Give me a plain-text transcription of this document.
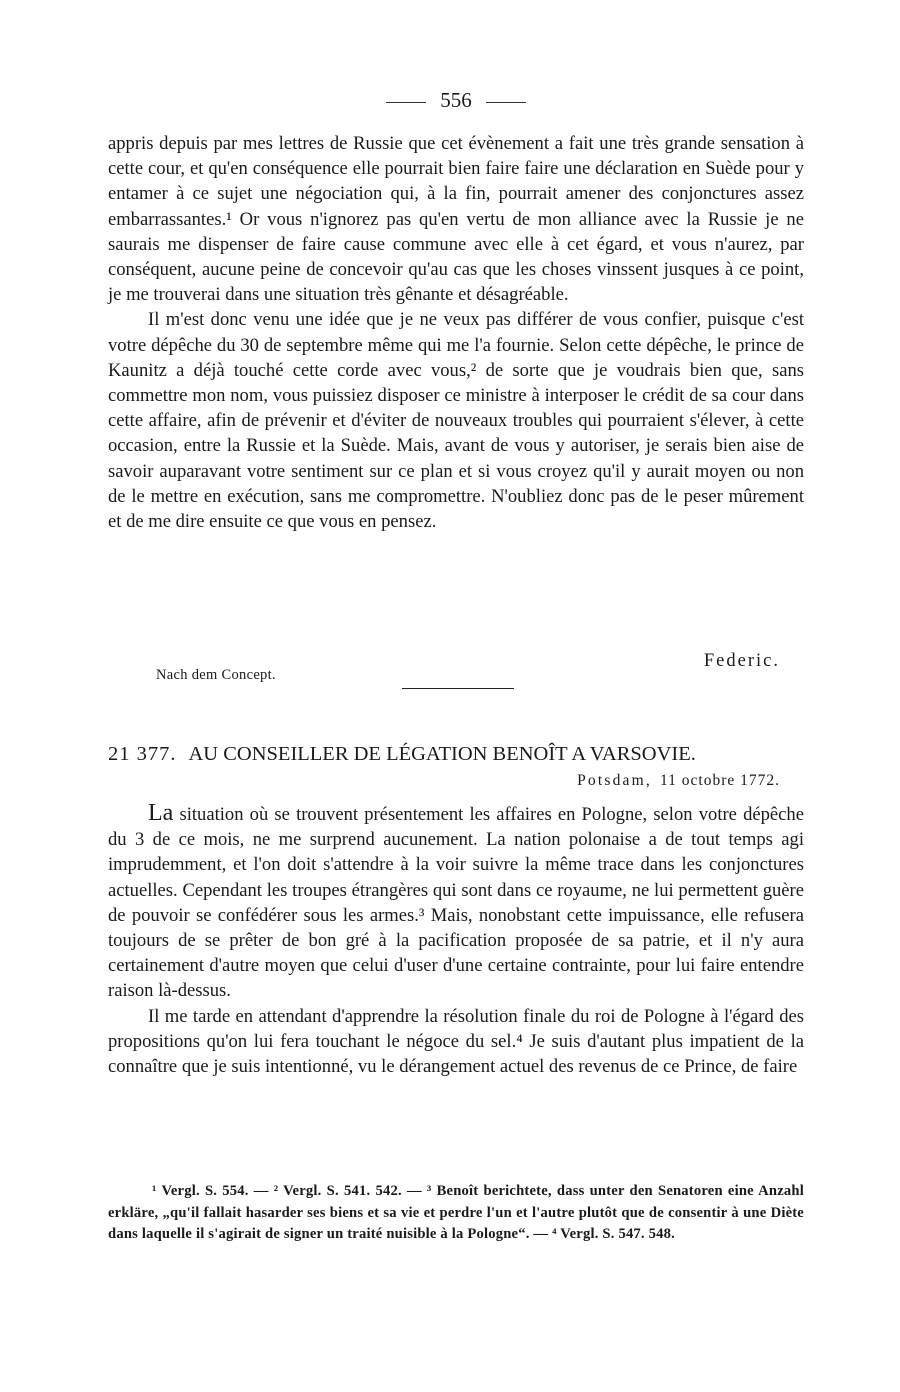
556

appris depuis par mes lettres de Russie que cet évènement a fait une très grande sensation à cette cour, et qu'en conséquence elle pourrait bien faire faire une déclaration en Suède pour y entamer à ce sujet une négociation qui, à la fin, pourrait amener des conjonctures assez embarrassantes.¹ Or vous n'ignorez pas qu'en vertu de mon alliance avec la Russie je ne saurais me dispenser de faire cause commune avec elle à cet égard, et vous n'aurez, par conséquent, aucune peine de concevoir qu'au cas que les choses vinssent jusques à ce point, je me trouverai dans une situation très gênante et désagréable.

Il m'est donc venu une idée que je ne veux pas différer de vous confier, puisque c'est votre dépêche du 30 de septembre même qui me l'a fournie. Selon cette dépêche, le prince de Kaunitz a déjà touché cette corde avec vous,² de sorte que je voudrais bien que, sans commettre mon nom, vous puissiez disposer ce ministre à interposer le crédit de sa cour dans cette affaire, afin de prévenir et d'éviter de nouveaux troubles qui pourraient s'élever, à cette occasion, entre la Russie et la Suède. Mais, avant de vous y autoriser, je serais bien aise de savoir auparavant votre sentiment sur ce plan et si vous croyez qu'il y aurait moyen ou non de le mettre en exécution, sans me compromettre. N'oubliez donc pas de le peser mûrement et de me dire ensuite ce que vous en pensez.

Federic.
Nach dem Concept.
21 377. AU CONSEILLER DE LÉGATION BENOÎT A VARSOVIE.
Potsdam, 11 octobre 1772.

La situation où se trouvent présentement les affaires en Pologne, selon votre dépêche du 3 de ce mois, ne me surprend aucunement. La nation polonaise a de tout temps agi imprudemment, et l'on doit s'attendre à la voir suivre la même trace dans les conjonctures actuelles. Cependant les troupes étrangères qui sont dans ce royaume, ne lui permettent guère de pouvoir se confédérer sous les armes.³ Mais, nonobstant cette impuissance, elle refusera toujours de se prêter de bon gré à la pacification proposée de sa patrie, et il n'y aura certainement d'autre moyen que celui d'user d'une certaine contrainte, pour lui faire entendre raison là-dessus.

Il me tarde en attendant d'apprendre la résolution finale du roi de Pologne à l'égard des propositions qu'on lui fera touchant le négoce du sel.⁴ Je suis d'autant plus impatient de la connaître que je suis intentionné, vu le dérangement actuel des revenus de ce Prince, de faire

¹ Vergl. S. 554. — ² Vergl. S. 541. 542. — ³ Benoît berichtete, dass unter den Senatoren eine Anzahl erkläre, „qu'il fallait hasarder ses biens et sa vie et perdre l'un et l'autre plutôt que de consentir à une Diète dans laquelle il s'agirait de signer un traité nuisible à la Pologne“. — ⁴ Vergl. S. 547. 548.
